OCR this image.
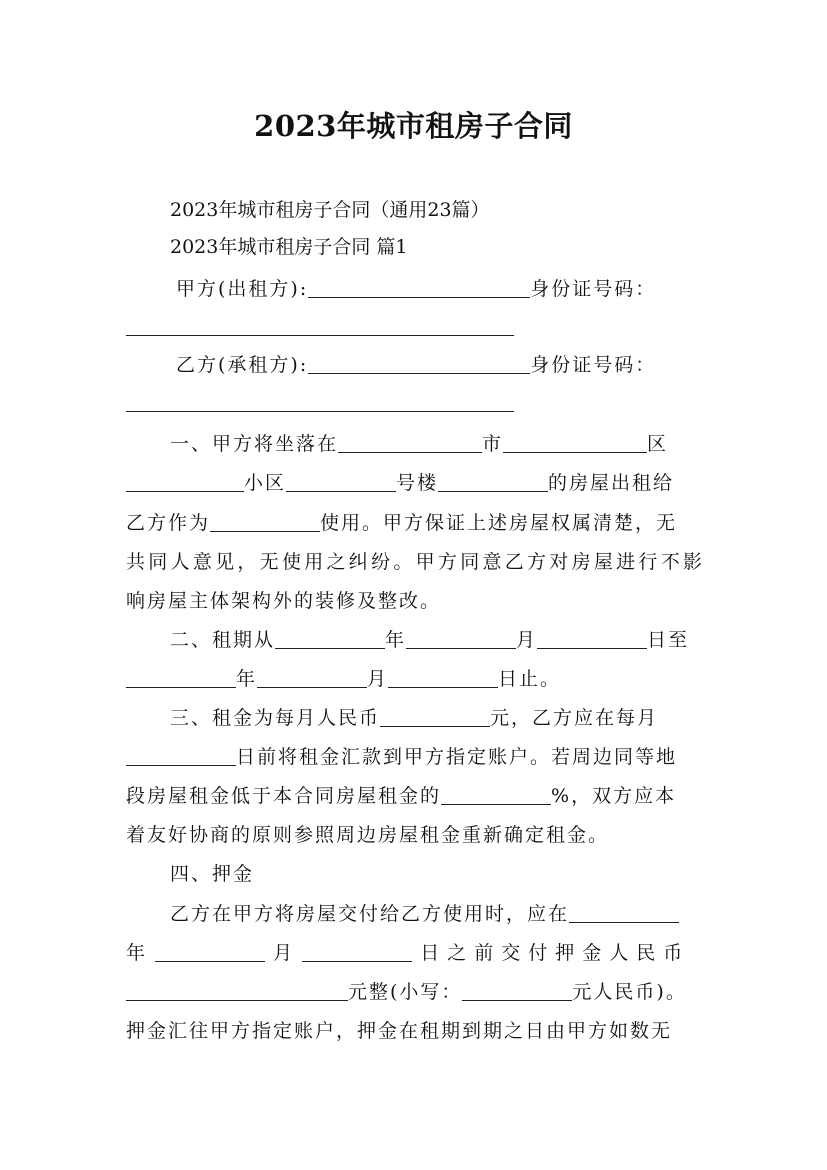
2023年城市租房子合同
2023年城市租房子合同（通用23篇）
2023年城市租房子合同 篇1
甲方(出租方):	身份证号码：
乙方(承租方):	身份证号码：
一、甲方将坐落在	市	区
小区	号楼	的房屋出租给
乙方作为	使用。甲方保证上述房屋权属清楚，无
共同人意见，无使用之纠纷。甲方同意乙方对房屋进行不影
响房屋主体架构外的装修及整改。
二、租期从	年	月	日至
年	月	日止。
三、租金为每月人民币	元，乙方应在每月
日前将租金汇款到甲方指定账户。若周边同等地
段房屋租金低于本合同房屋租金的	%，双方应本
着友好协商的原则参照周边房屋租金重新确定租金。
四、押金
乙方在甲方将房屋交付给乙方使用时，应在
年	月	日之前交付押金人民币
元整(小写：	元人民币)。
押金汇往甲方指定账户，押金在租期到期之日由甲方如数无
